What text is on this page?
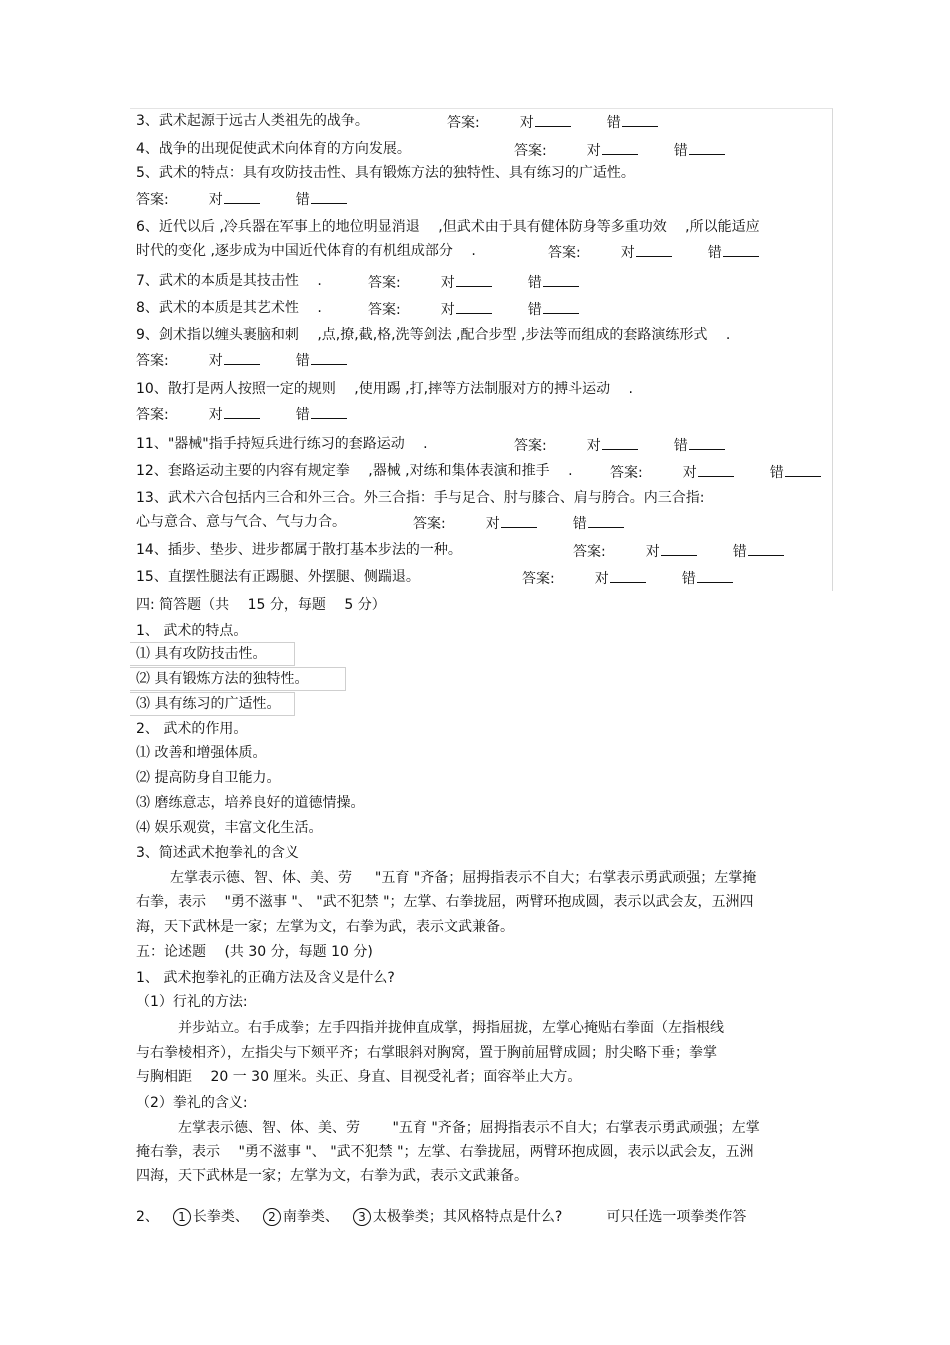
3、武术起源于远古人类祖先的战争。	答案:	对	错
4、战争的出现促使武术向体育的方向发展。	答案:	对	错
5、武术的特点：具有攻防技击性、具有锻炼方法的独特性、具有练习的广适性。
答案:	对	错
6、近代以后 ,冷兵器在军事上的地位明显消退 　,但武术由于具有健体防身等多重功效 　,所以能适应
时代的变化 ,逐步成为中国近代体育的有机组成部分 　.	答案:	对	错
7、武术的本质是其技击性 　.	答案:	对	错
8、武术的本质是其艺术性 　.	答案:	对	错
9、剑术指以缠头裹脑和刺 　,点,撩,截,格,洗等剑法 ,配合步型 ,步法等而组成的套路演练形式 　.
答案:	对	错
10、散打是两人按照一定的规则 　,使用踢 ,打,摔等方法制服对方的搏斗运动 　.
答案:	对	错
11、"器械"指手持短兵进行练习的套路运动 　.	答案:	对	错
12、套路运动主要的内容有规定拳 　,器械 ,对练和集体表演和推手 　.	答案:	对	错
13、武术六合包括内三合和外三合。外三合指：手与足合、肘与膝合、肩与胯合。内三合指:
心与意合、意与气合、气与力合。	答案:	对	错
14、插步、垫步、进步都属于散打基本步法的一种。	答案:	对	错
15、直摆性腿法有正踢腿、外摆腿、侧踹退。	答案:	对	错
四: 简答题（共 　15 分，每题 　5 分）
1、 武术的特点。
⑴ 具有攻防技击性。
⑵ 具有锻炼方法的独特性。
⑶ 具有练习的广适性。
2、 武术的作用。
⑴ 改善和增强体质。
⑵ 提高防身自卫能力。
⑶ 磨练意志，培养良好的道德情操。
⑷ 娱乐观赏，丰富文化生活。
3、简述武术抱拳礼的含义
左掌表示德、智、体、美、劳 　 "五育 "齐备；屈拇指表示不自大；右掌表示勇武顽强；左掌掩
右拳，表示 　"勇不滋事 "、 "武不犯禁 "；左掌、右拳拢屈，两臂环抱成圆，表示以武会友，五洲四
海，天下武林是一家；左掌为文，右拳为武，表示文武兼备。
五：论述题 　(共 30 分，每题 10 分)
1、 武术抱拳礼的正确方法及含义是什么?
（1）行礼的方法:
并步站立。右手成拳；左手四指并拢伸直成掌，拇指屈拢，左掌心掩贴右拳面（左指根线
与右拳棱相齐），左指尖与下颏平齐；右掌眼斜对胸窝，置于胸前屈臂成圆；肘尖略下垂；拳掌
与胸相距 　20 一 30 厘米。头正、身直、目视受礼者；面容举止大方。
（2）拳礼的含义:
左掌表示德、智、体、美、劳 　　"五育 "齐备；屈拇指表示不自大；右掌表示勇武顽强；左掌
掩右拳，表示 　"勇不滋事 "、 "武不犯禁 "；左掌、右拳拢屈，两臂环抱成圆，表示以武会友，五洲
四海，天下武林是一家；左掌为文，右拳为武，表示文武兼备。
2、 1 长拳类、 2 南拳类、 3 太极拳类；其风格特点是什么?	可只任选一项拳类作答
